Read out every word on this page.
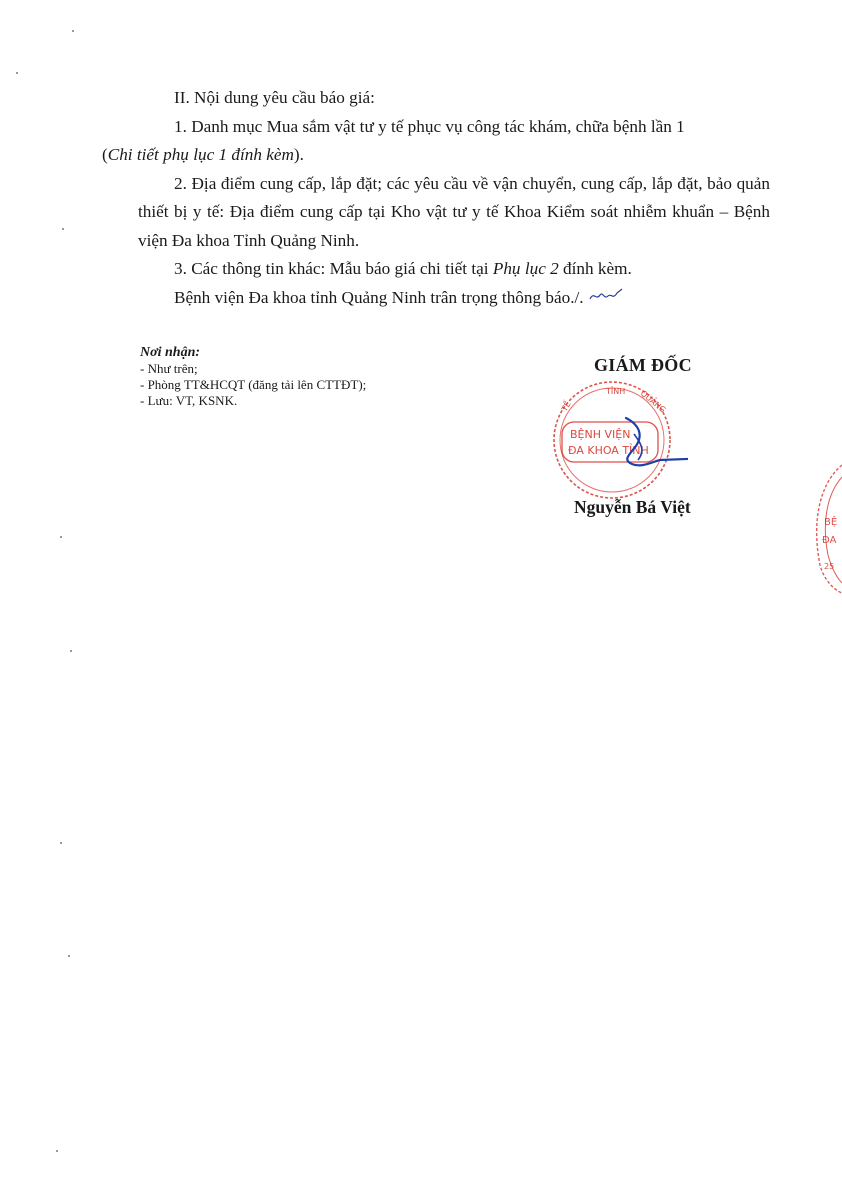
II. Nội dung yêu cầu báo giá:

1. Danh mục Mua sắm vật tư y tế phục vụ công tác khám, chữa bệnh lần 1
(Chi tiết phụ lục 1 đính kèm).

2. Địa điểm cung cấp, lắp đặt; các yêu cầu về vận chuyển, cung cấp, lắp đặt, bảo quản thiết bị y tế: Địa điểm cung cấp tại Kho vật tư y tế Khoa Kiểm soát nhiễm khuẩn – Bệnh viện Đa khoa Tỉnh Quảng Ninh.

3. Các thông tin khác: Mẫu báo giá chi tiết tại Phụ lục 2 đính kèm.

Bệnh viện Đa khoa tỉnh Quảng Ninh trân trọng thông báo./.

Nơi nhận:
- Như trên;
- Phòng TT&HCQT (đăng tải lên CTTĐT);
- Lưu: VT, KSNK.
GIÁM ĐỐC
TỈNH
TẾ	QUẢNG
BỆNH VIỆN
ĐA KHOA TỈNH
Nguyễn Bá Việt
BỆ
ĐA
25
